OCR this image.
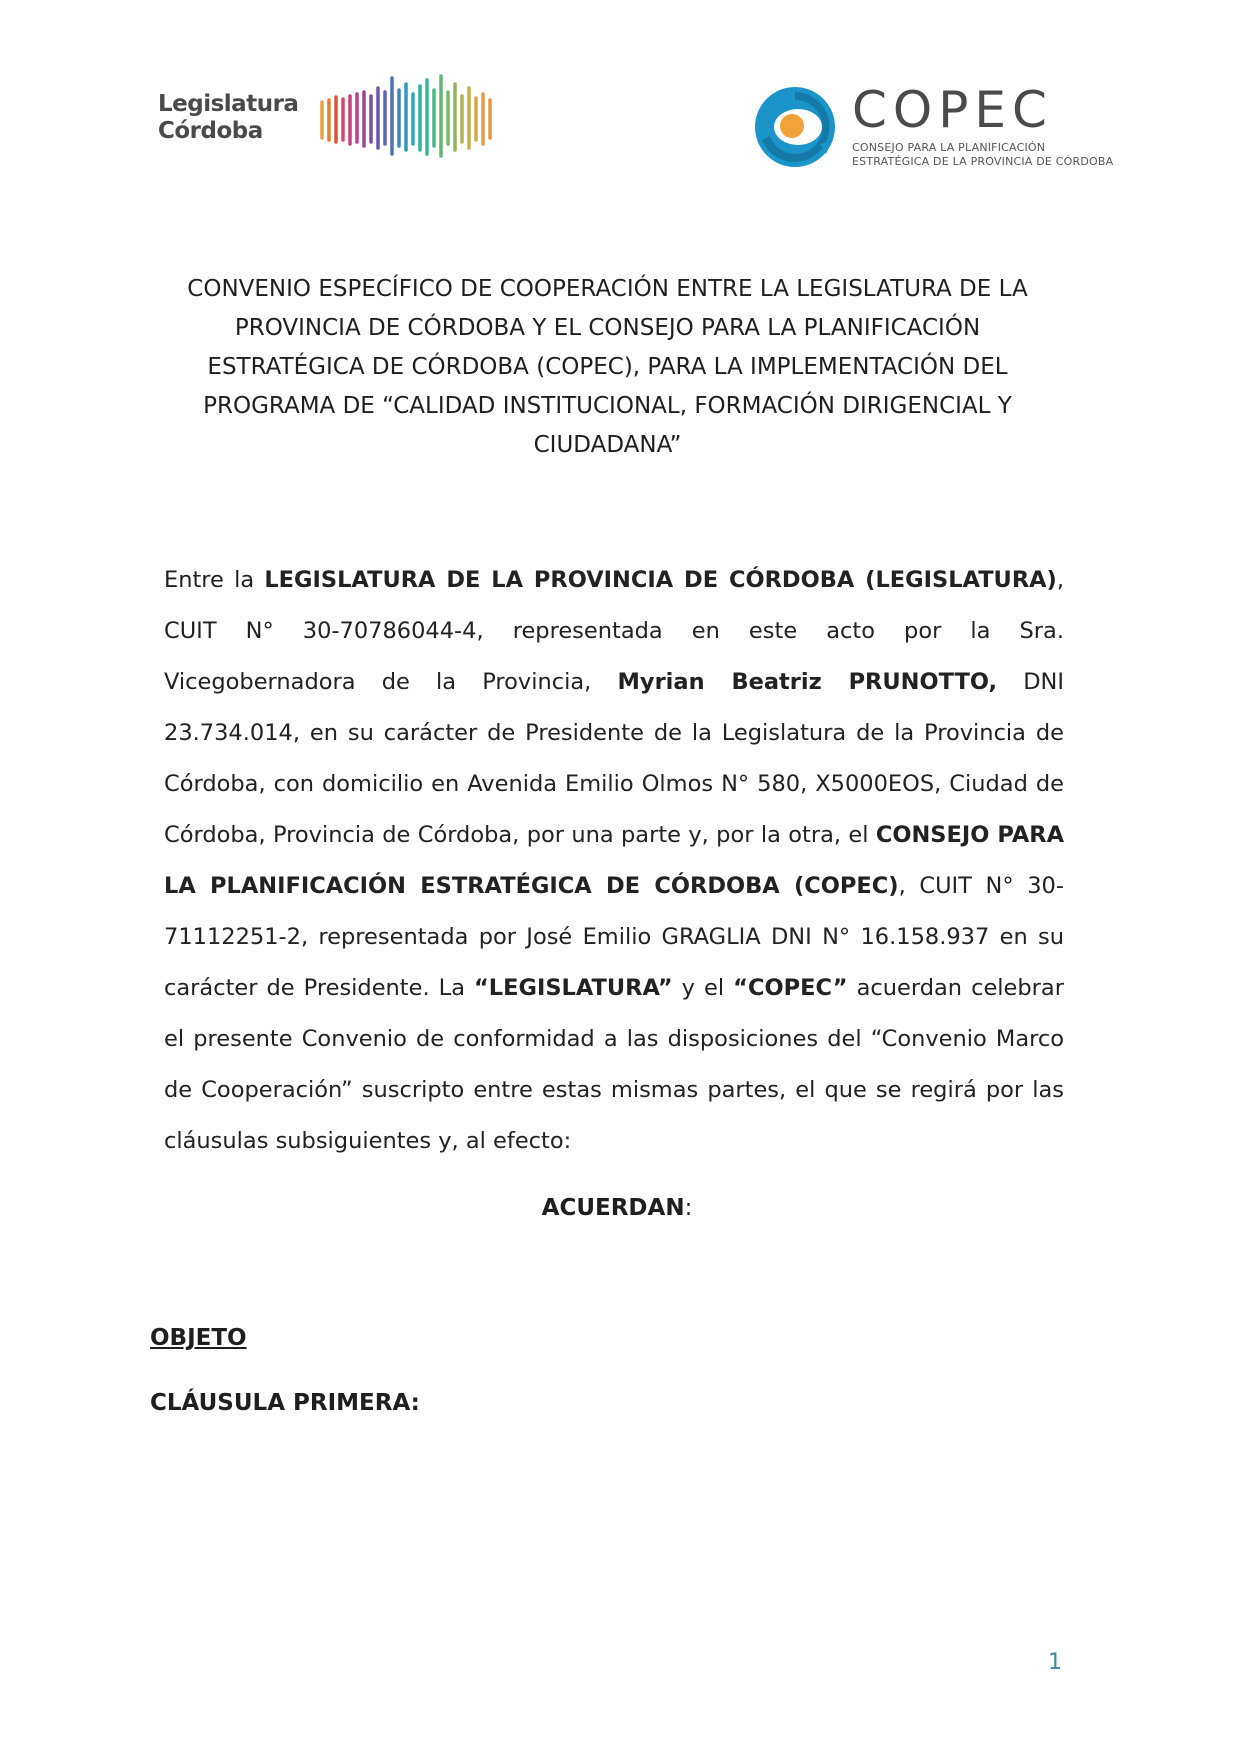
Legislatura
Córdoba	COPEC
CONSEJO PARA LA PLANIFICACIÓN
ESTRATÉGICA DE LA PROVINCIA DE CÓRDOBA
CONVENIO ESPECÍFICO DE COOPERACIÓN ENTRE LA LEGISLATURA DE LA
PROVINCIA DE CÓRDOBA Y EL CONSEJO PARA LA PLANIFICACIÓN
ESTRATÉGICA DE CÓRDOBA (COPEC), PARA LA IMPLEMENTACIÓN DEL
PROGRAMA DE “CALIDAD INSTITUCIONAL, FORMACIÓN DIRIGENCIAL Y
CIUDADANA”
Entre la LEGISLATURA DE LA PROVINCIA DE CÓRDOBA (LEGISLATURA), CUIT N° 30-70786044-4, representada en este acto por la Sra. Vicegobernadora de la Provincia, Myrian Beatriz PRUNOTTO, DNI 23.734.014, en su carácter de Presidente de la Legislatura de la Provincia de Córdoba, con domicilio en Avenida Emilio Olmos N° 580, X5000EOS, Ciudad de Córdoba, Provincia de Córdoba, por una parte y, por la otra, el CONSEJO PARA LA PLANIFICACIÓN ESTRATÉGICA DE CÓRDOBA (COPEC), CUIT N° 30-71112251-2, representada por José Emilio GRAGLIA DNI N° 16.158.937 en su carácter de Presidente. La “LEGISLATURA” y el “COPEC” acuerdan celebrar el presente Convenio de conformidad a las disposiciones del “Convenio Marco de Cooperación” suscripto entre estas mismas partes, el que se regirá por las cláusulas subsiguientes y, al efecto:
ACUERDAN:
OBJETO
CLÁUSULA PRIMERA:
1
